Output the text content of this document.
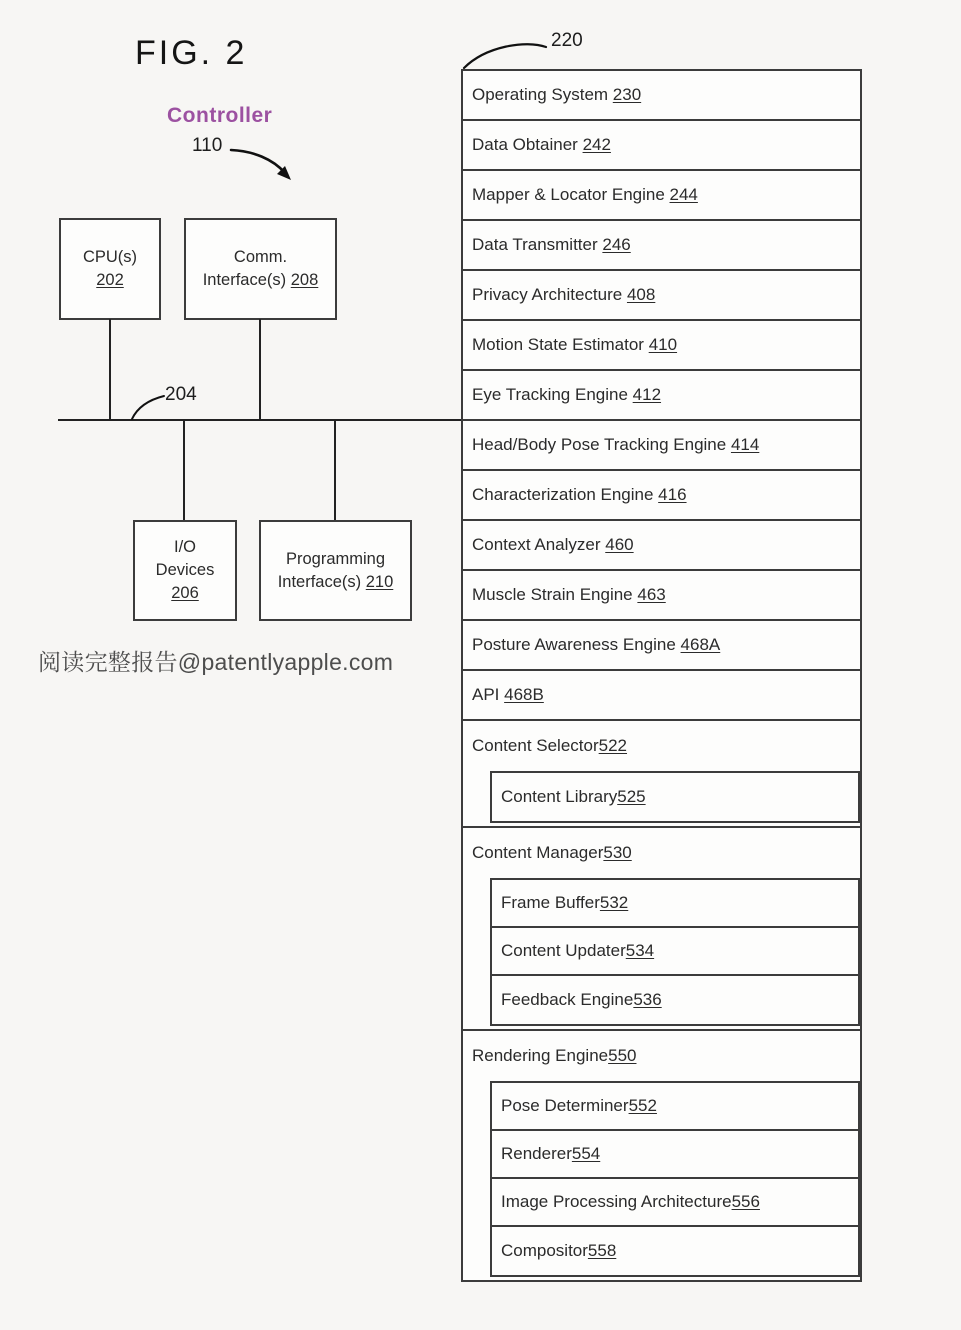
FIG. 2
Controller
110
220
CPU(s)
202
Comm.
Interface(s) 208
I/O
Devices
206
Programming
Interface(s) 210
204
阅读完整报告@patentlyapple.com
Operating System 230
Data Obtainer 242
Mapper & Locator Engine 244
Data Transmitter 246
Privacy Architecture 408
Motion State Estimator 410
Eye Tracking Engine 412
Head/Body Pose Tracking Engine 414
Characterization Engine 416
Context Analyzer 460
Muscle Strain Engine 463
Posture Awareness Engine 468A
API 468B
Content Selector 522
Content Library 525
Content Manager 530
Frame Buffer 532
Content Updater 534
Feedback Engine 536
Rendering Engine 550
Pose Determiner 552
Renderer 554
Image Processing Architecture 556
Compositor 558
